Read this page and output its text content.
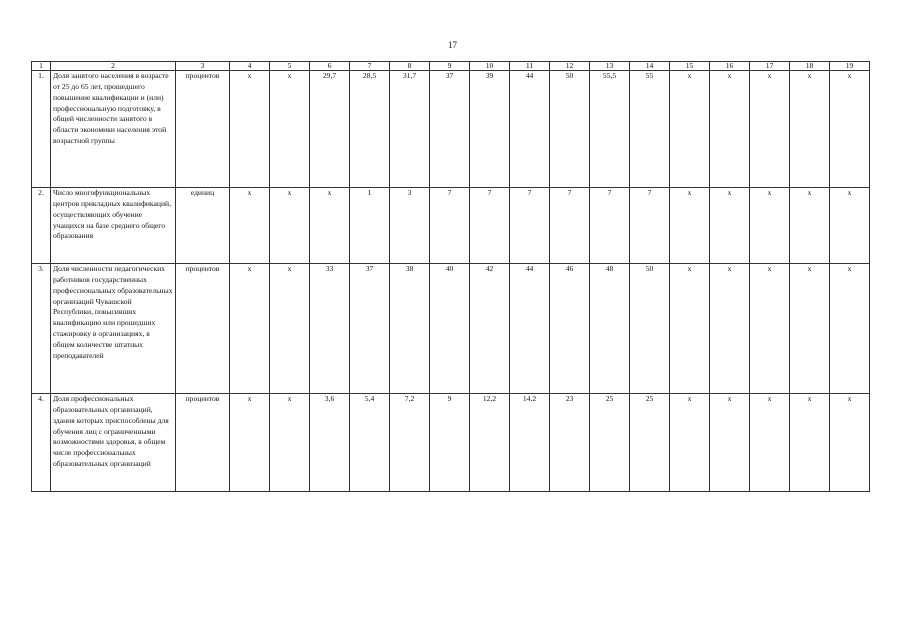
17
1	2	3	4	5	6	7	8	9	10	11	12	13	14	15	16	17	18	19
1.	Доля занятого населения в возрасте от 25 до 65 лет, прошедшего повышение квалификации и (или) профессиональную подготовку, в общей численности занятого в области экономики населения этой возрастной группы	процентов	х	х	29,7	28,5	31,7	37	39	44	50	55,5	55	х	х	х	х	х
2.	Число многофункциональных центров прикладных квалификаций, осуществляющих обучение учащихся на базе среднего общего образования	единиц	х	х	х	1	3	7	7	7	7	7	7	х	х	х	х	х
3.	Доля численности педагогических работников государственных профессиональных образовательных организаций Чувашской Республики, повысивших квалификацию или прошедших стажировку в организациях, в общем количестве штатных преподавателей	процентов	х	х	33	37	38	40	42	44	46	48	50	х	х	х	х	х
4.	Доля профессиональных образовательных организаций, здания которых приспособлены для обучения лиц с ограниченными возможностями здоровья, в общем числе профессиональных образовательных организаций	процентов	х	х	3,6	5,4	7,2	9	12,2	14,2	23	25	25	х	х	х	х	х
